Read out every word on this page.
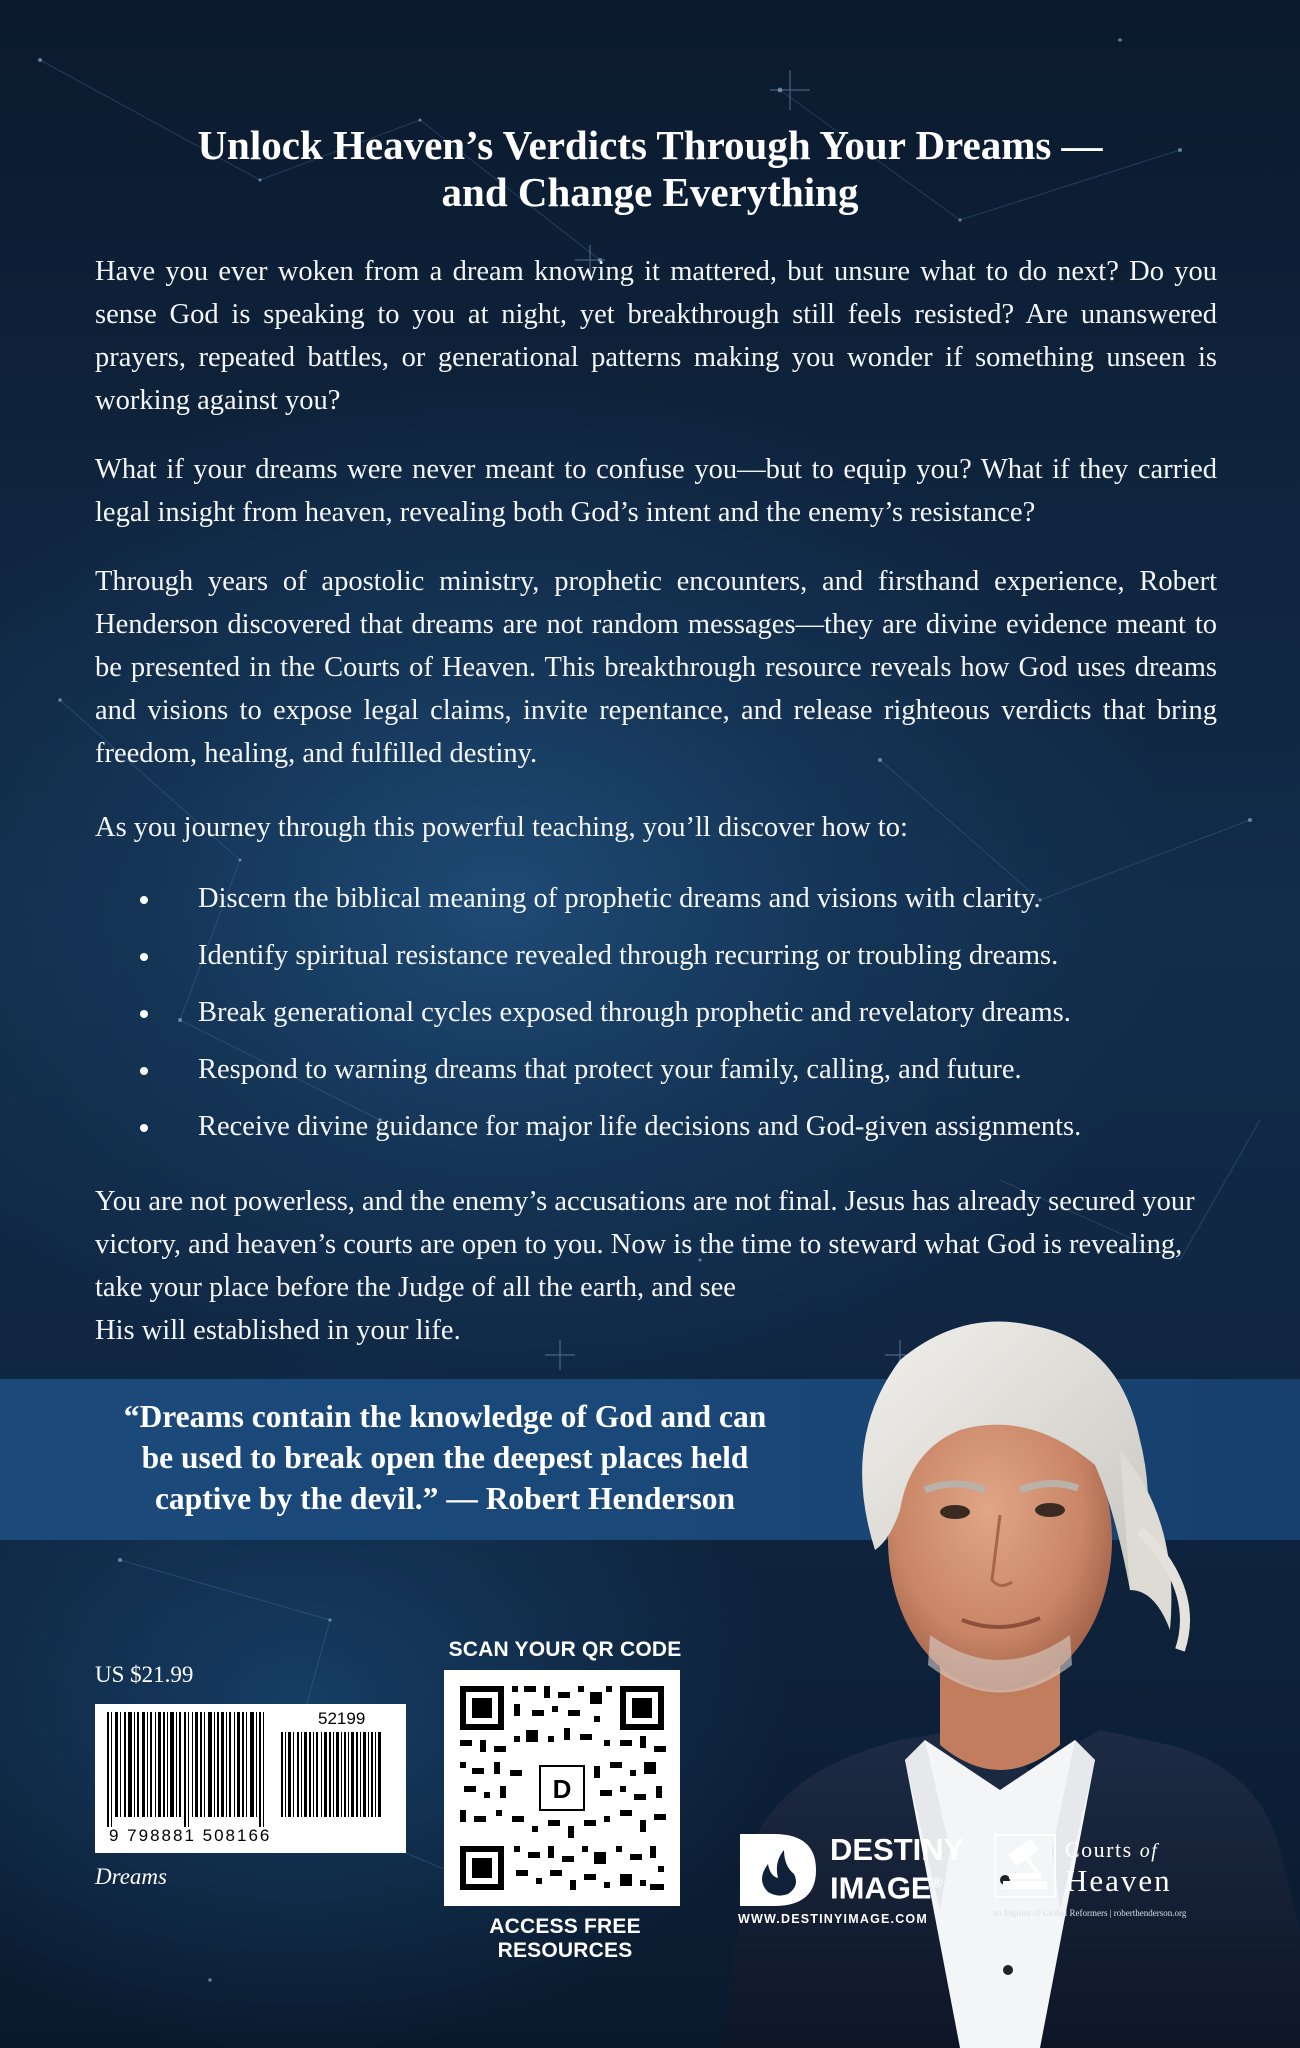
Unlock Heaven’s Verdicts Through Your Dreams —
and Change Everything

Have you ever woken from a dream knowing it mattered, but unsure what to do next? Do you sense God is speaking to you at night, yet breakthrough still feels resisted? Are unanswered prayers, repeated battles, or generational patterns making you wonder if something unseen is working against you?

What if your dreams were never meant to confuse you—but to equip you? What if they carried legal insight from heaven, revealing both God’s intent and the enemy’s resistance?

Through years of apostolic ministry, prophetic encounters, and firsthand experience, Robert Henderson discovered that dreams are not random messages—they are divine evidence meant to be presented in the Courts of Heaven. This breakthrough resource reveals how God uses dreams and visions to expose legal claims, invite repentance, and release righteous verdicts that bring freedom, healing, and fulfilled destiny.

As you journey through this powerful teaching, you’ll discover how to:

Discern the biblical meaning of prophetic dreams and visions with clarity.
Identify spiritual resistance revealed through recurring or troubling dreams.
Break generational cycles exposed through prophetic and revelatory dreams.
Respond to warning dreams that protect your family, calling, and future.
Receive divine guidance for major life decisions and God-given assignments.

You are not powerless, and the enemy’s accusations are not final. Jesus has already secured your victory, and heaven’s courts are open to you. Now is the time to steward what God is revealing, take your place before the Judge of all the earth, and see
His will established in your life.

“Dreams contain the knowledge of God and can
be used to break open the deepest places held
captive by the devil.” — Robert Henderson

US $21.99

52199
9 798881 508166

Dreams

SCAN YOUR QR CODE

D

ACCESS FREE RESOURCES

DESTINY
IMAGE®

WWW.DESTINYIMAGE.COM

Courts of

Heaven

an Imprint of Global Reformers | roberthenderson.org
